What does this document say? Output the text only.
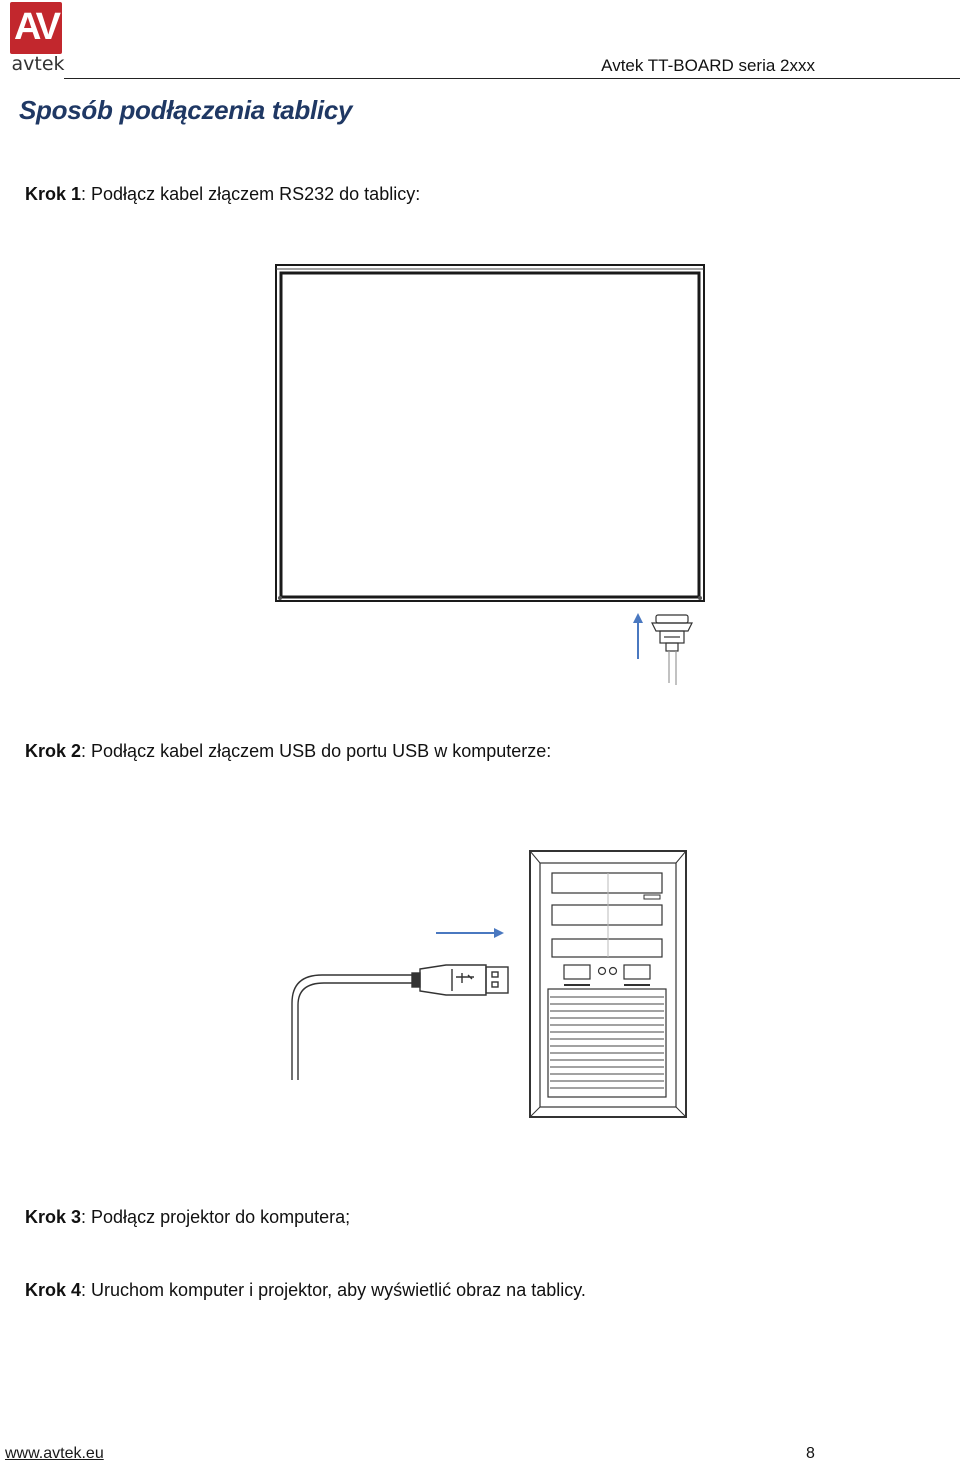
AV
avtek	Avtek TT-BOARD seria 2xxx
Sposób podłączenia tablicy
Krok 1: Podłącz kabel złączem RS232 do tablicy:
Krok 2: Podłącz kabel złączem USB do portu USB w komputerze:
Krok 3: Podłącz projektor do komputera;
Krok 4: Uruchom komputer i projektor, aby wyświetlić obraz na tablicy.
www.avtek.eu	8
